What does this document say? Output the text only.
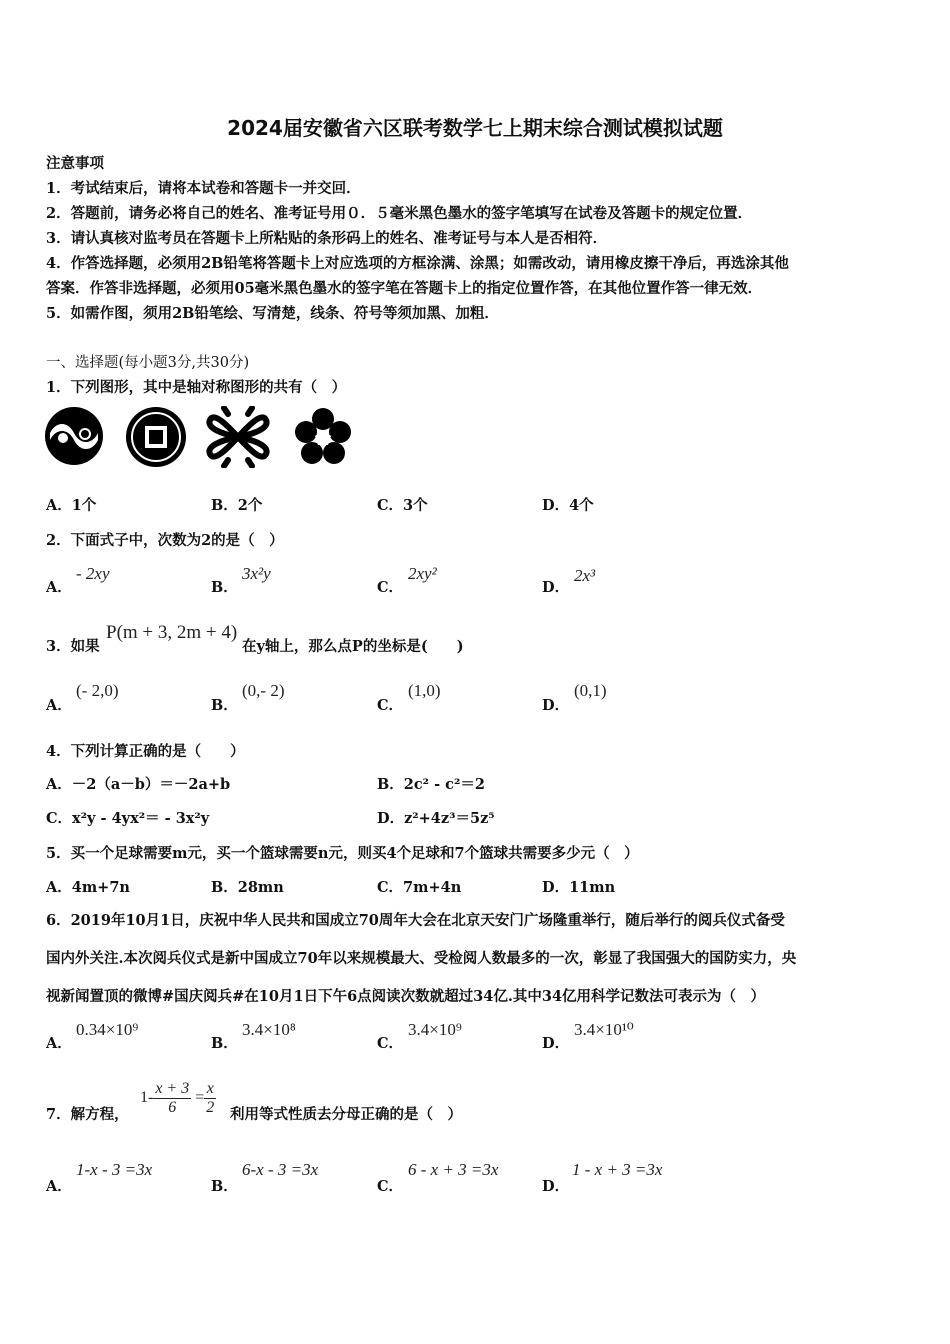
2024届安徽省六区联考数学七上期末综合测试模拟试题
注意事项
1．考试结束后，请将本试卷和答题卡一并交回．
2．答题前，请务必将自己的姓名、准考证号用０．５毫米黑色墨水的签字笔填写在试卷及答题卡的规定位置．
3．请认真核对监考员在答题卡上所粘贴的条形码上的姓名、准考证号与本人是否相符．
4．作答选择题，必须用2B铅笔将答题卡上对应选项的方框涂满、涂黑；如需改动，请用橡皮擦干净后，再选涂其他
答案．作答非选择题，必须用05毫米黑色墨水的签字笔在答题卡上的指定位置作答，在其他位置作答一律无效．
5．如需作图，须用2B铅笔绘、写清楚，线条、符号等须加黑、加粗．
一、选择题(每小题3分,共30分)
1．下列图形，其中是轴对称图形的共有（　）
A．1个	B．2个	C．3个	D．4个
2．下面式子中，次数为2的是（　）
A．
- 2xy
B．
3x²y
C．
2xy²
D．
2x³
3．如果
P(m + 3, 2m + 4)
在y轴上，那么点P的坐标是(　　)
A．
(- 2,0)
B．
(0,- 2)
C．
(1,0)
D．
(0,1)
4．下列计算正确的是（　　）
A．－2（a－b）＝－2a+b	B．2c² - c²＝2
C．x²y - 4yx²＝ - 3x²y	D．z²+4z³＝5z⁵
5．买一个足球需要m元，买一个篮球需要n元，则买4个足球和7个篮球共需要多少元（　）
A．4m+7n	B．28mn	C．7m+4n	D．11mn
6．2019年10月1日，庆祝中华人民共和国成立70周年大会在北京天安门广场隆重举行，随后举行的阅兵仪式备受
国内外关注.本次阅兵仪式是新中国成立70年以来规模最大、受检阅人数最多的一次，彰显了我国强大的国防实力，央
视新闻置顶的微博#国庆阅兵#在10月1日下午6点阅读次数就超过34亿.其中34亿用科学记数法可表示为（　）
A．
0.34×10⁹
B．
3.4×10⁸
C．
3.4×10⁹
D．
3.4×10¹⁰
7．解方程，
$1- \frac{x + 3}{6} = \frac{x}{2}$ 利用等式性质去分母正确的是（　）
A．
1-x - 3 =3x
B．
6-x - 3 =3x
C．
6 - x + 3 =3x
D．
1 - x + 3 =3x
